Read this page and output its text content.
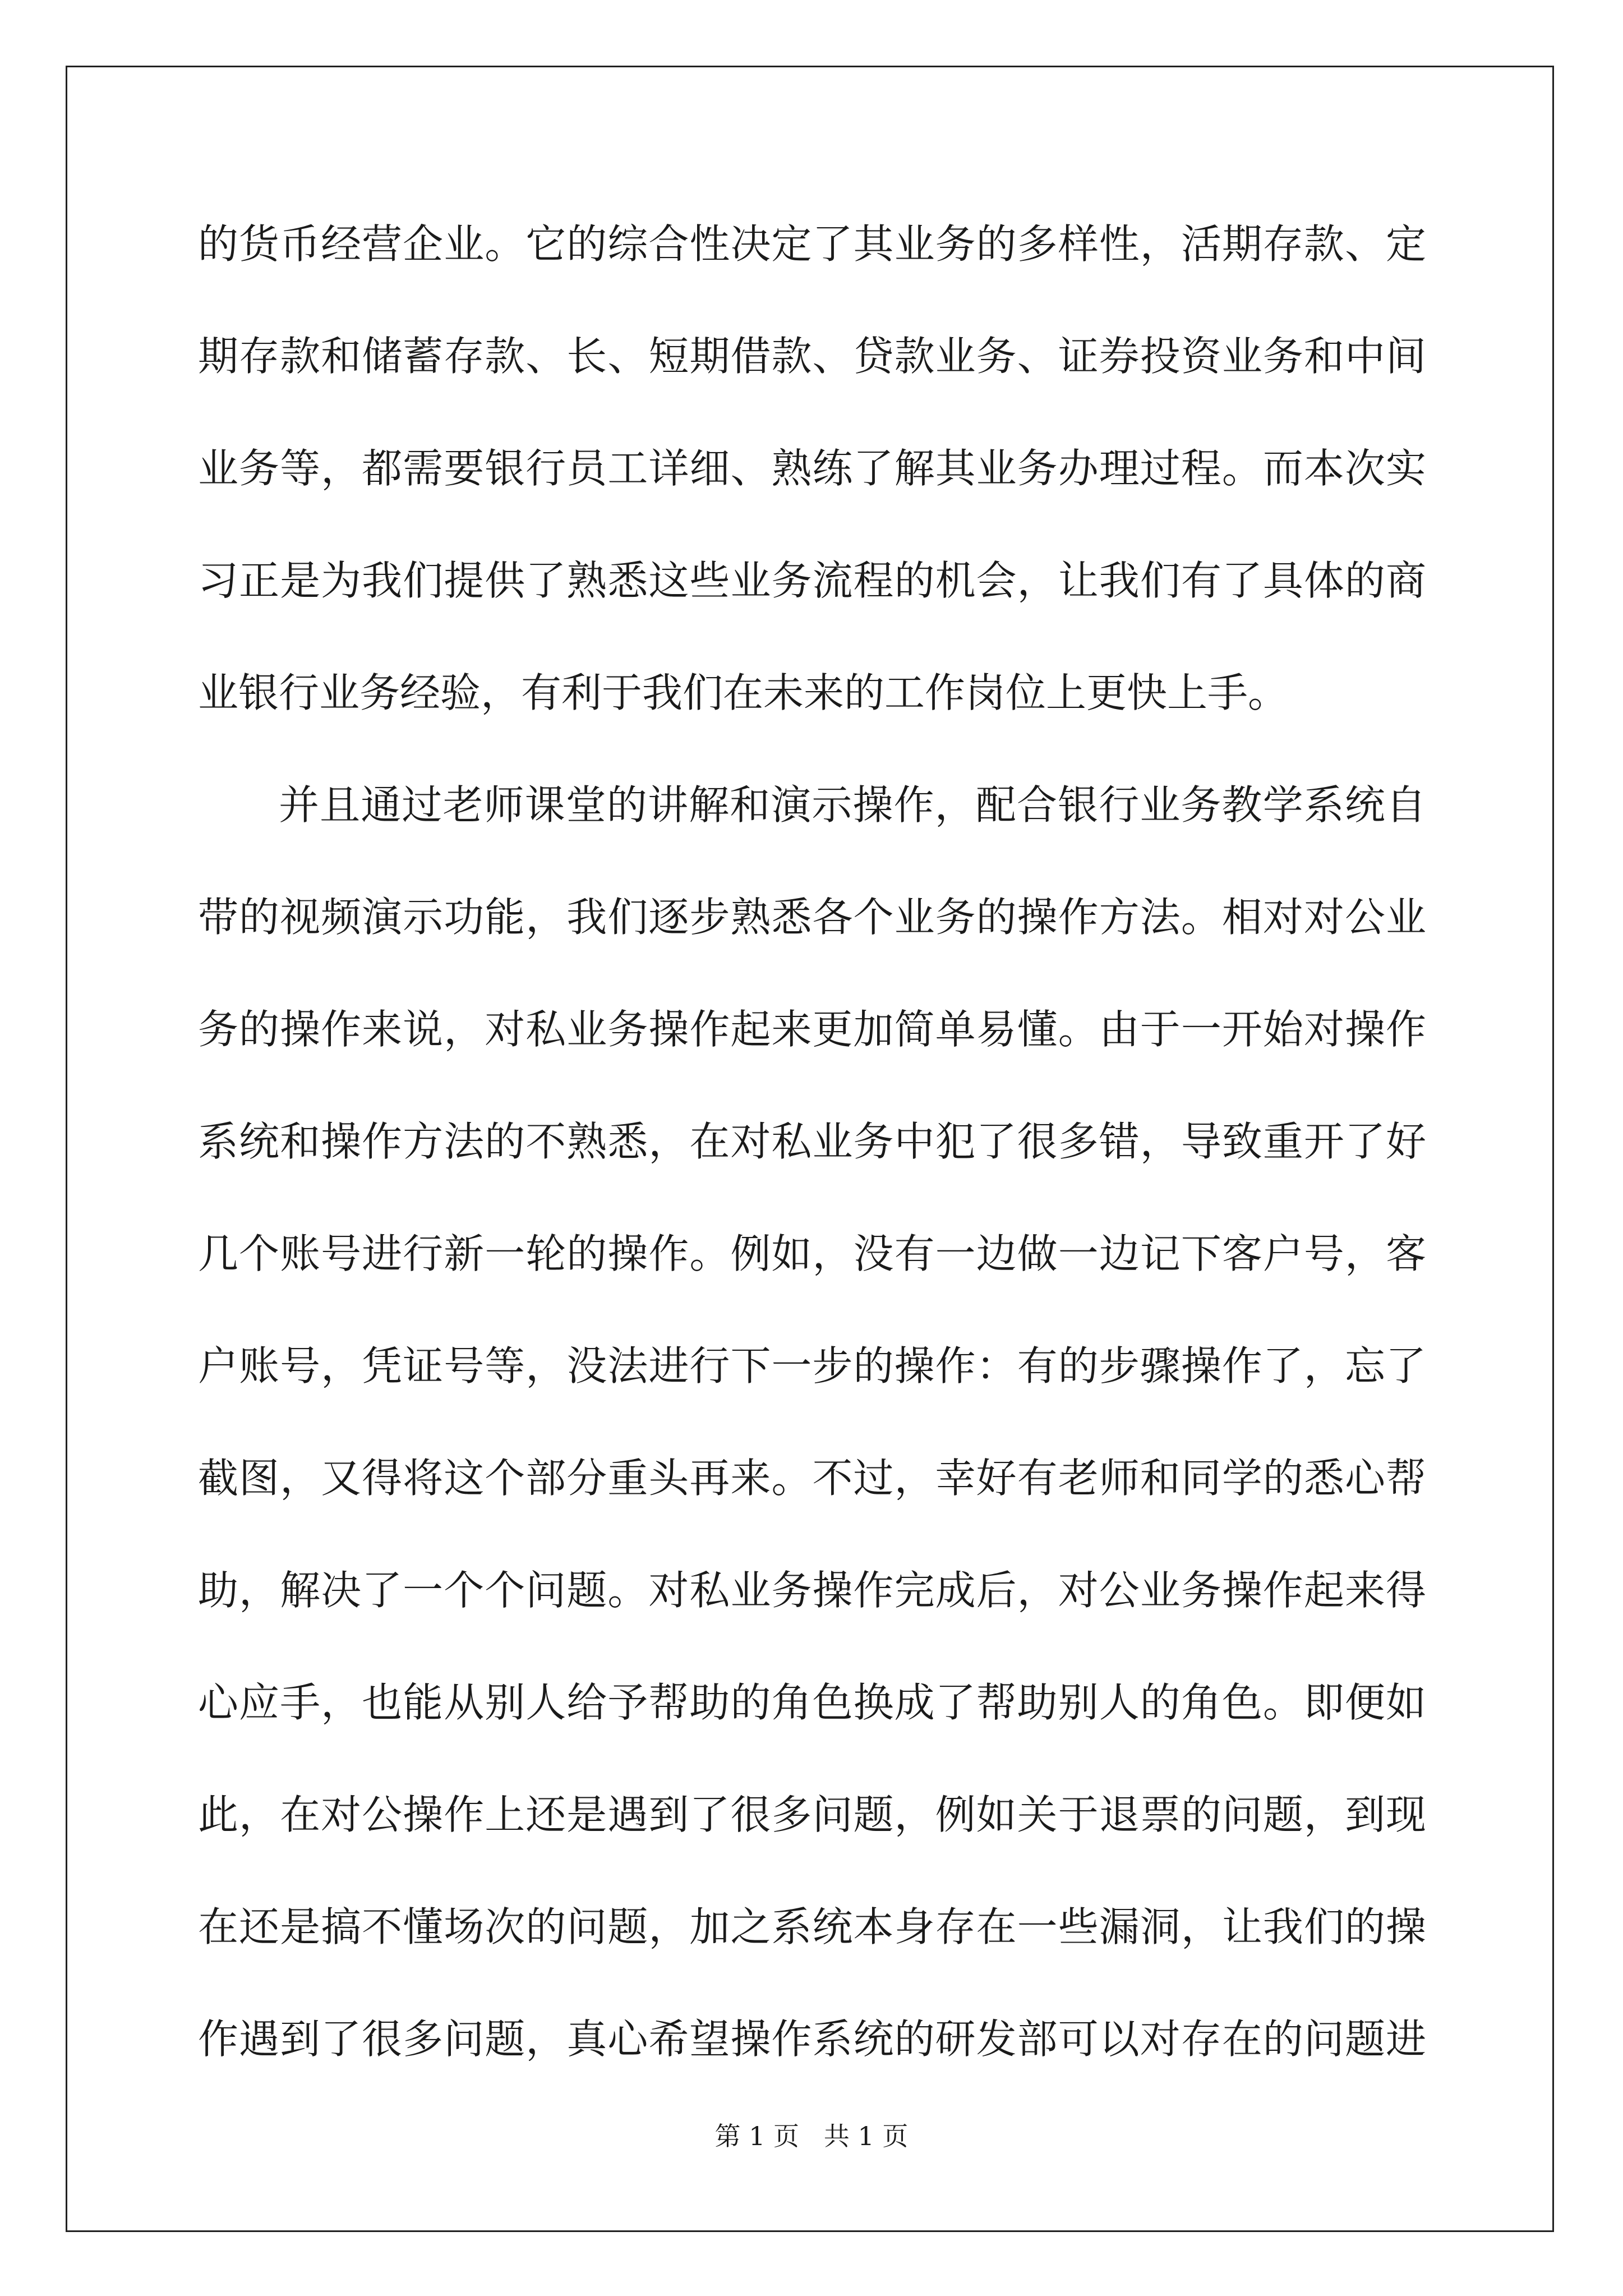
的货币经营企业。它的综合性决定了其业务的多样性，活期存款、定
期存款和储蓄存款、长、短期借款、贷款业务、证券投资业务和中间
业务等，都需要银行员工详细、熟练了解其业务办理过程。而本次实
习正是为我们提供了熟悉这些业务流程的机会，让我们有了具体的商
业银行业务经验，有利于我们在未来的工作岗位上更快上手。
并且通过老师课堂的讲解和演示操作，配合银行业务教学系统自
带的视频演示功能，我们逐步熟悉各个业务的操作方法。相对对公业
务的操作来说，对私业务操作起来更加简单易懂。由于一开始对操作
系统和操作方法的不熟悉，在对私业务中犯了很多错，导致重开了好
几个账号进行新一轮的操作。例如，没有一边做一边记下客户号，客
户账号，凭证号等，没法进行下一步的操作：有的步骤操作了，忘了
截图，又得将这个部分重头再来。不过，幸好有老师和同学的悉心帮
助，解决了一个个问题。对私业务操作完成后，对公业务操作起来得
心应手，也能从别人给予帮助的角色换成了帮助别人的角色。即便如
此，在对公操作上还是遇到了很多问题，例如关于退票的问题，到现
在还是搞不懂场次的问题，加之系统本身存在一些漏洞，让我们的操
作遇到了很多问题，真心希望操作系统的研发部可以对存在的问题进
第 1 页   共 1 页
